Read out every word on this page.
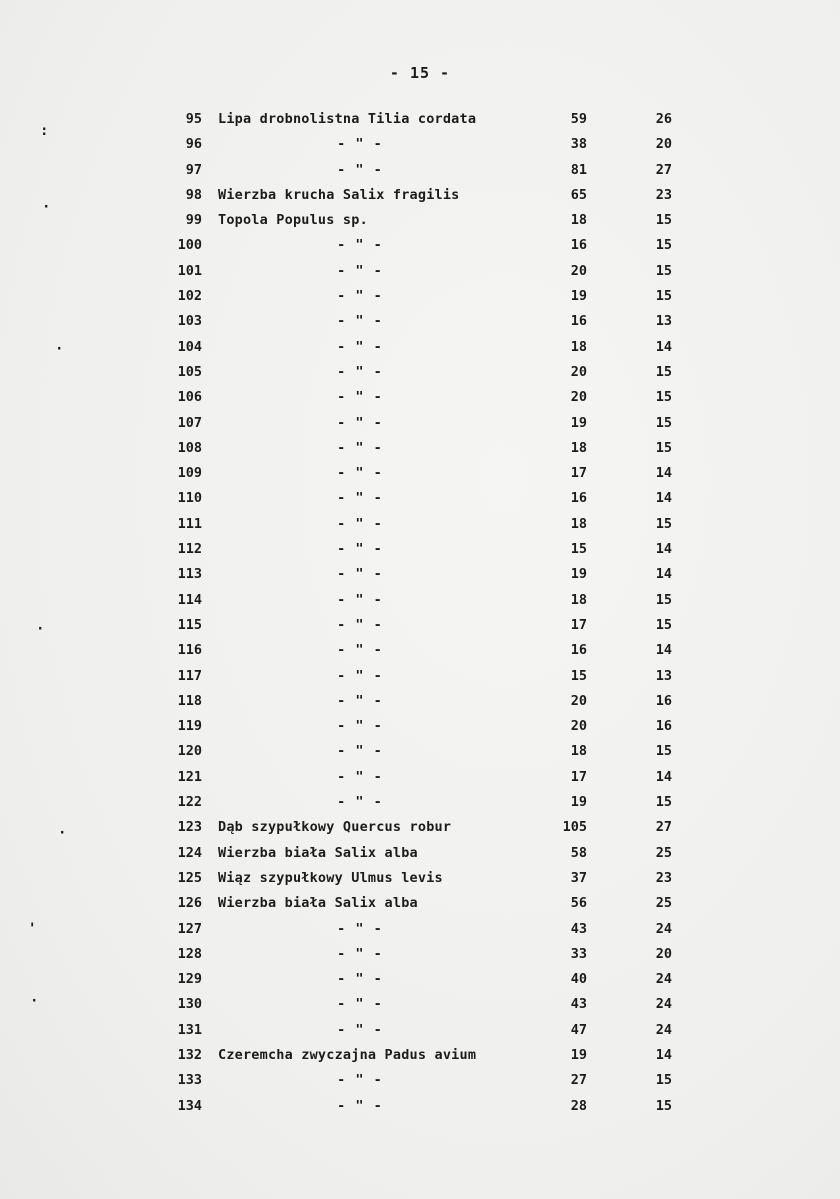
- 15 -
95 Lipa drobnolistna Tilia cordata	59	26
96	- " -	38	20
97	- " -	81	27
98 Wierzba krucha Salix fragilis	65	23
99 Topola Populus sp.	18	15
100	- " -	16	15
101	- " -	20	15
102	- " -	19	15
103	- " -	16	13
104	- " -	18	14
105	- " -	20	15
106	- " -	20	15
107	- " -	19	15
108	- " -	18	15
109	- " -	17	14
110	- " -	16	14
111	- " -	18	15
112	- " -	15	14
113	- " -	19	14
114	- " -	18	15
115	- " -	17	15
116	- " -	16	14
117	- " -	15	13
118	- " -	20	16
119	- " -	20	16
120	- " -	18	15
121	- " -	17	14
122	- " -	19	15
123 Dąb szypułkowy Quercus robur	105	27
124 Wierzba biała Salix alba	58	25
125 Wiąz szypułkowy Ulmus levis	37	23
126 Wierzba biała Salix alba	56	25
127	- " -	43	24
128	- " -	33	20
129	- " -	40	24
130	- " -	43	24
131	- " -	47	24
132 Czeremcha zwyczajna Padus avium	19	14
133	- " -	27	15
134	- " -	28	15
:
·
·
·
·
'
·
